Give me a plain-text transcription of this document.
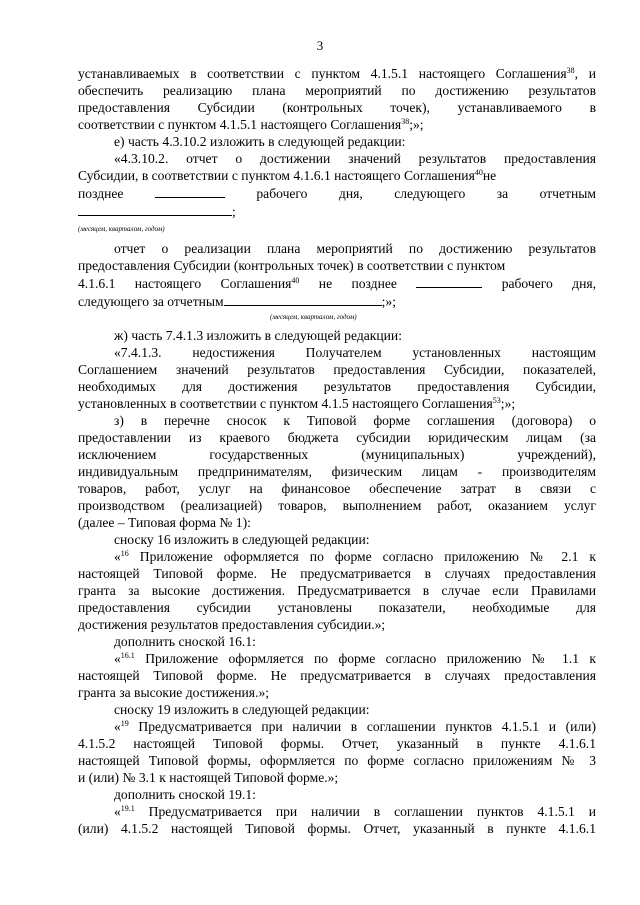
3
устанавливаемых в соответствии с пунктом 4.1.5.1 настоящего Соглашения$^{38}$, и
обеспечить реализацию плана мероприятий по достижению результатов
предоставления Субсидии (контрольных точек), устанавливаемого в
соответствии с пунктом 4.1.5.1 настоящего Соглашения$^{38}$;»;
е) часть 4.3.10.2 изложить в следующей редакции:
«4.3.10.2. отчет о достижении значений результатов предоставления
Субсидии, в соответствии с пунктом 4.1.6.1 настоящего Соглашения$^{40}$не
позднее	рабочего дня, следующего за отчетным
;
(месяцем, кварталом, годом)
отчет о реализации плана мероприятий по достижению результатов
предоставления Субсидии (контрольных точек) в соответствии с пунктом
4.1.6.1 настоящего Соглашения$^{40}$ не позднее	рабочего дня,
следующего за отчетным	;»;
(месяцем, кварталом, годом)
ж) часть 7.4.1.3 изложить в следующей редакции:
«7.4.1.3. недостижения Получателем установленных настоящим
Соглашением значений результатов предоставления Субсидии, показателей,
необходимых для достижения результатов предоставления Субсидии,
установленных в соответствии с пунктом 4.1.5 настоящего Соглашения$^{53}$;»;
з) в перечне сносок к Типовой форме соглашения (договора) о
предоставлении из краевого бюджета субсидии юридическим лицам (за
исключением государственных (муниципальных) учреждений),
индивидуальным предпринимателям, физическим лицам - производителям
товаров, работ, услуг на финансовое обеспечение затрат в связи с
производством (реализацией) товаров, выполнением работ, оказанием услуг
(далее – Типовая форма № 1):
сноску 16 изложить в следующей редакции:
«$^{16}$ Приложение оформляется по форме согласно приложению № 2.1 к
настоящей Типовой форме. Не предусматривается в случаях предоставления
гранта за высокие достижения. Предусматривается в случае если Правилами
предоставления субсидии установлены показатели, необходимые для
достижения результатов предоставления субсидии.»;
дополнить сноской 16.1:
«$^{16.1}$ Приложение оформляется по форме согласно приложению № 1.1 к
настоящей Типовой форме. Не предусматривается в случаях предоставления
гранта за высокие достижения.»;
сноску 19 изложить в следующей редакции:
«$^{19}$ Предусматривается при наличии в соглашении пунктов 4.1.5.1 и (или)
4.1.5.2 настоящей Типовой формы. Отчет, указанный в пункте 4.1.6.1
настоящей Типовой формы, оформляется по форме согласно приложениям № 3
и (или) № 3.1 к настоящей Типовой форме.»;
дополнить сноской 19.1:
«$^{19.1}$ Предусматривается при наличии в соглашении пунктов 4.1.5.1 и
(или) 4.1.5.2 настоящей Типовой формы. Отчет, указанный в пункте 4.1.6.1
